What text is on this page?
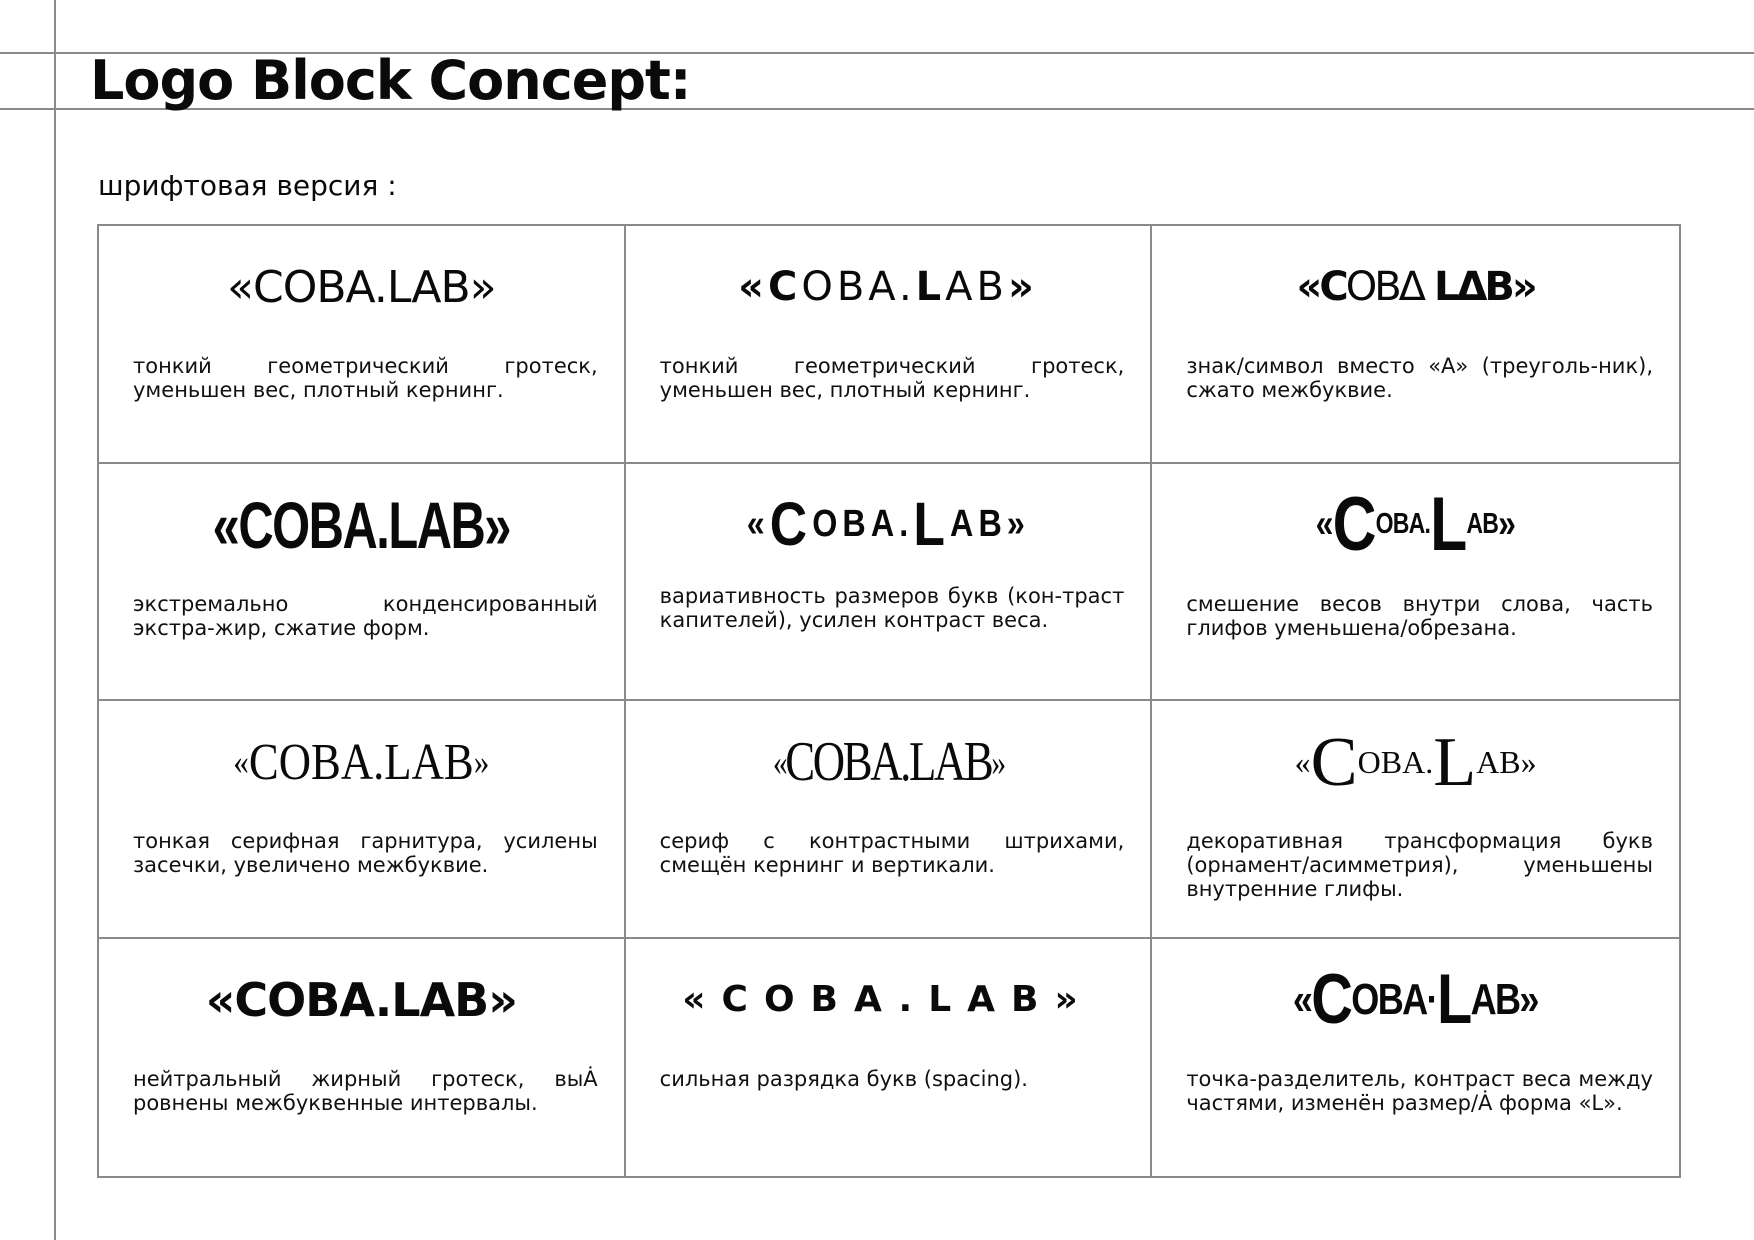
Logo Block Concept:

шрифтовая версия :

« COBA.LAB »

тонкий геометрический гротеск, уменьшен вес, плотный кернинг.

« C OBA. L AB »

тонкий геометрический гротеск, уменьшен вес, плотный кернинг.

« C OBΔ
LΔB »

знак/символ вместо «A» (треуголь-ник), сжато межбуквие.

« COBA.LAB »

экстремально конденсированный экстра-жир, сжатие форм.

« C OBA. L AB »

вариативность размеров букв (кон-траст капителей), усилен контраст веса.

« C OBA. L AB »

смешение весов внутри слова, часть глифов уменьшена/обрезана.

« COBA.LAB »

тонкая серифная гарнитура, усилены засечки, увеличено межбуквие.

« COBA.LAB »

сериф с контрастными штрихами, смещён кернинг и вертикали.

« C OBA. L AB »

декоративная трансформация букв (орнамент/асимметрия), уменьшены внутренние глифы.

« COBA.LAB »

нейтральный жирный гротеск, выȦ ровнены межбуквенные интервалы.

« COBA.LAB »

сильная разрядка букв (spacing).

« C OBA· L AB »

точка-разделитель, контраст веса между частями, изменён размер/Ȧ форма «L».
